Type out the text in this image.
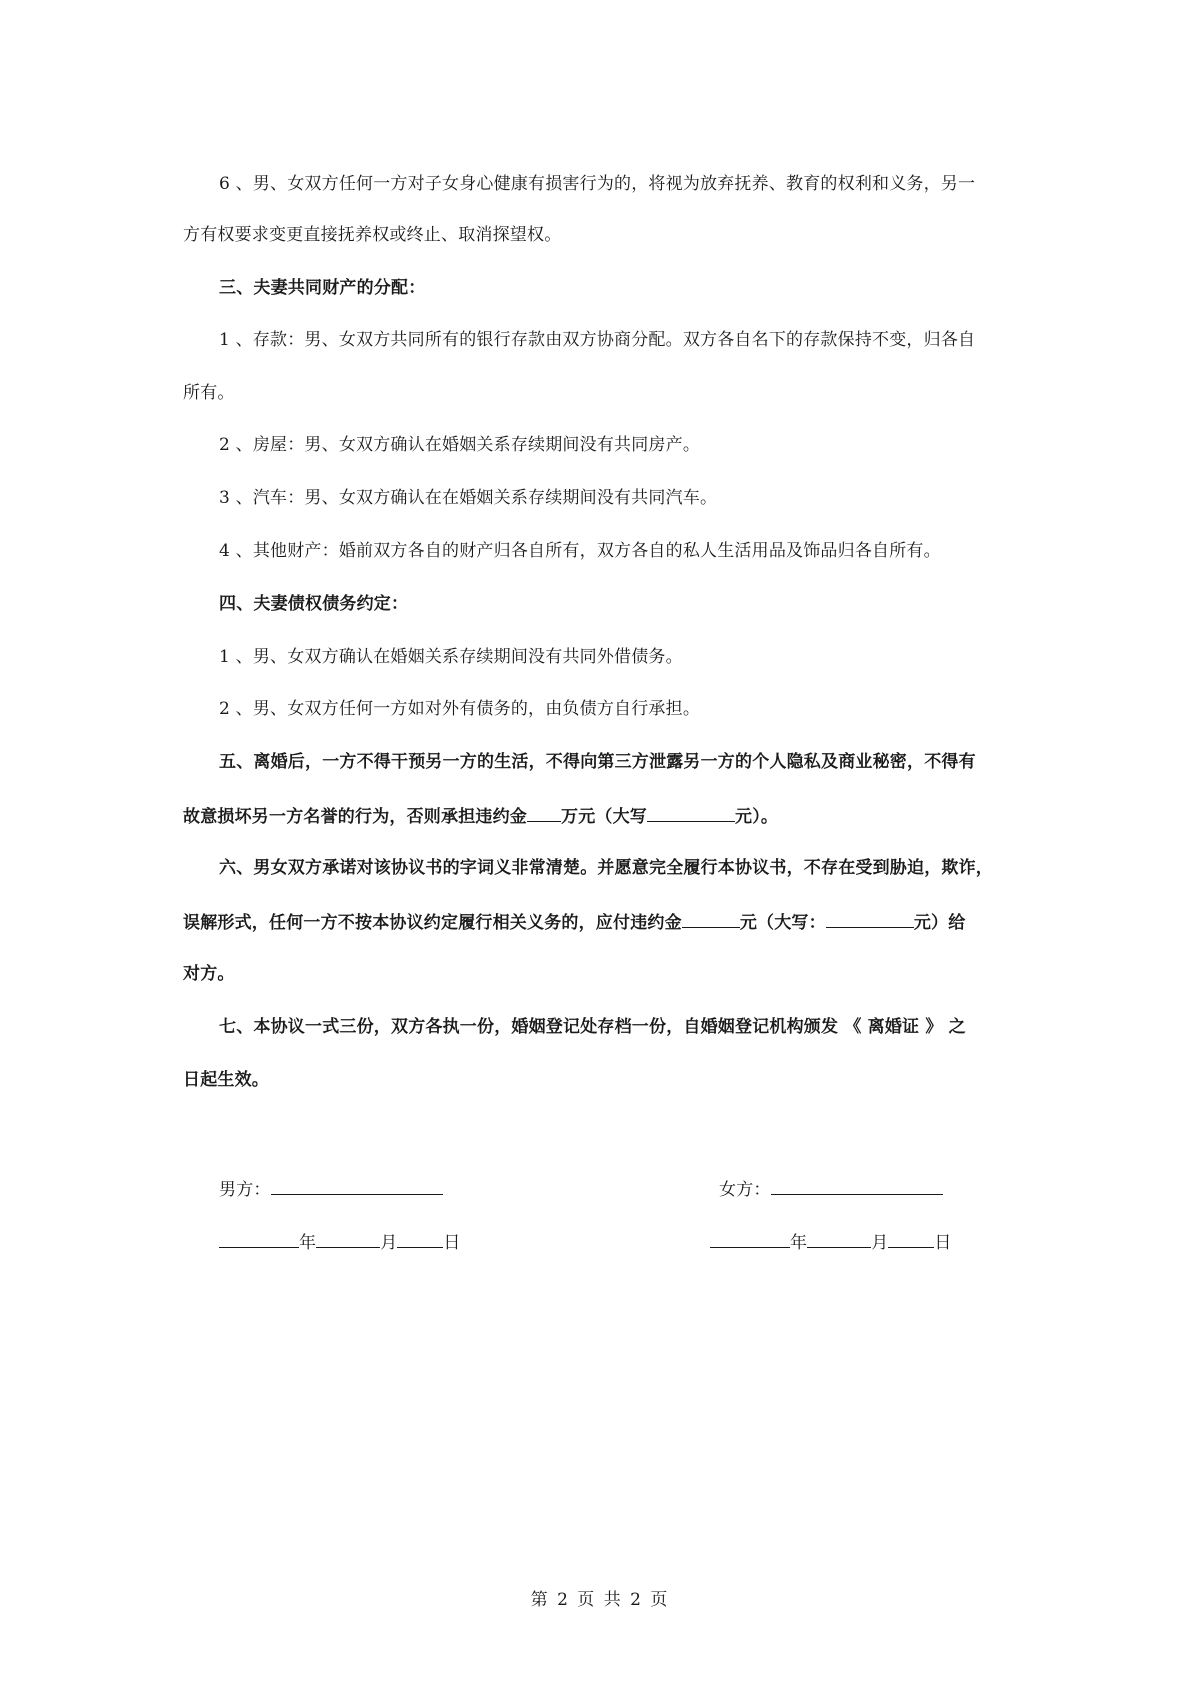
6 、男、女双方任何一方对子女身心健康有损害行为的，将视为放弃抚养、教育的权利和义务，另一
方有权要求变更直接抚养权或终止、取消探望权。
三、夫妻共同财产的分配：
1 、存款：男、女双方共同所有的银行存款由双方协商分配。双方各自名下的存款保持不变，归各自
所有。
2 、房屋：男、女双方确认在婚姻关系存续期间没有共同房产。
3 、汽车：男、女双方确认在在婚姻关系存续期间没有共同汽车。
4 、其他财产：婚前双方各自的财产归各自所有，双方各自的私人生活用品及饰品归各自所有。
四、夫妻债权债务约定：
1 、男、女双方确认在婚姻关系存续期间没有共同外借债务。
2 、男、女双方任何一方如对外有债务的，由负债方自行承担。
五、离婚后，一方不得干预另一方的生活，不得向第三方泄露另一方的个人隐私及商业秘密，不得有
故意损坏另一方名誉的行为，否则承担违约金 万元（大写	元）。
六、男女双方承诺对该协议书的字词义非常清楚。并愿意完全履行本协议书，不存在受到胁迫，欺诈，
误解形式，任何一方不按本协议约定履行相关义务的，应付违约金	元（大写：	元）给
对方。
七、本协议一式三份，双方各执一份，婚姻登记处存档一份，自婚姻登记机构颁发 《 离婚证 》 之
日起生效。
男方：	女方：
年	月	日	年	月	日
第 2 页 共 2 页
